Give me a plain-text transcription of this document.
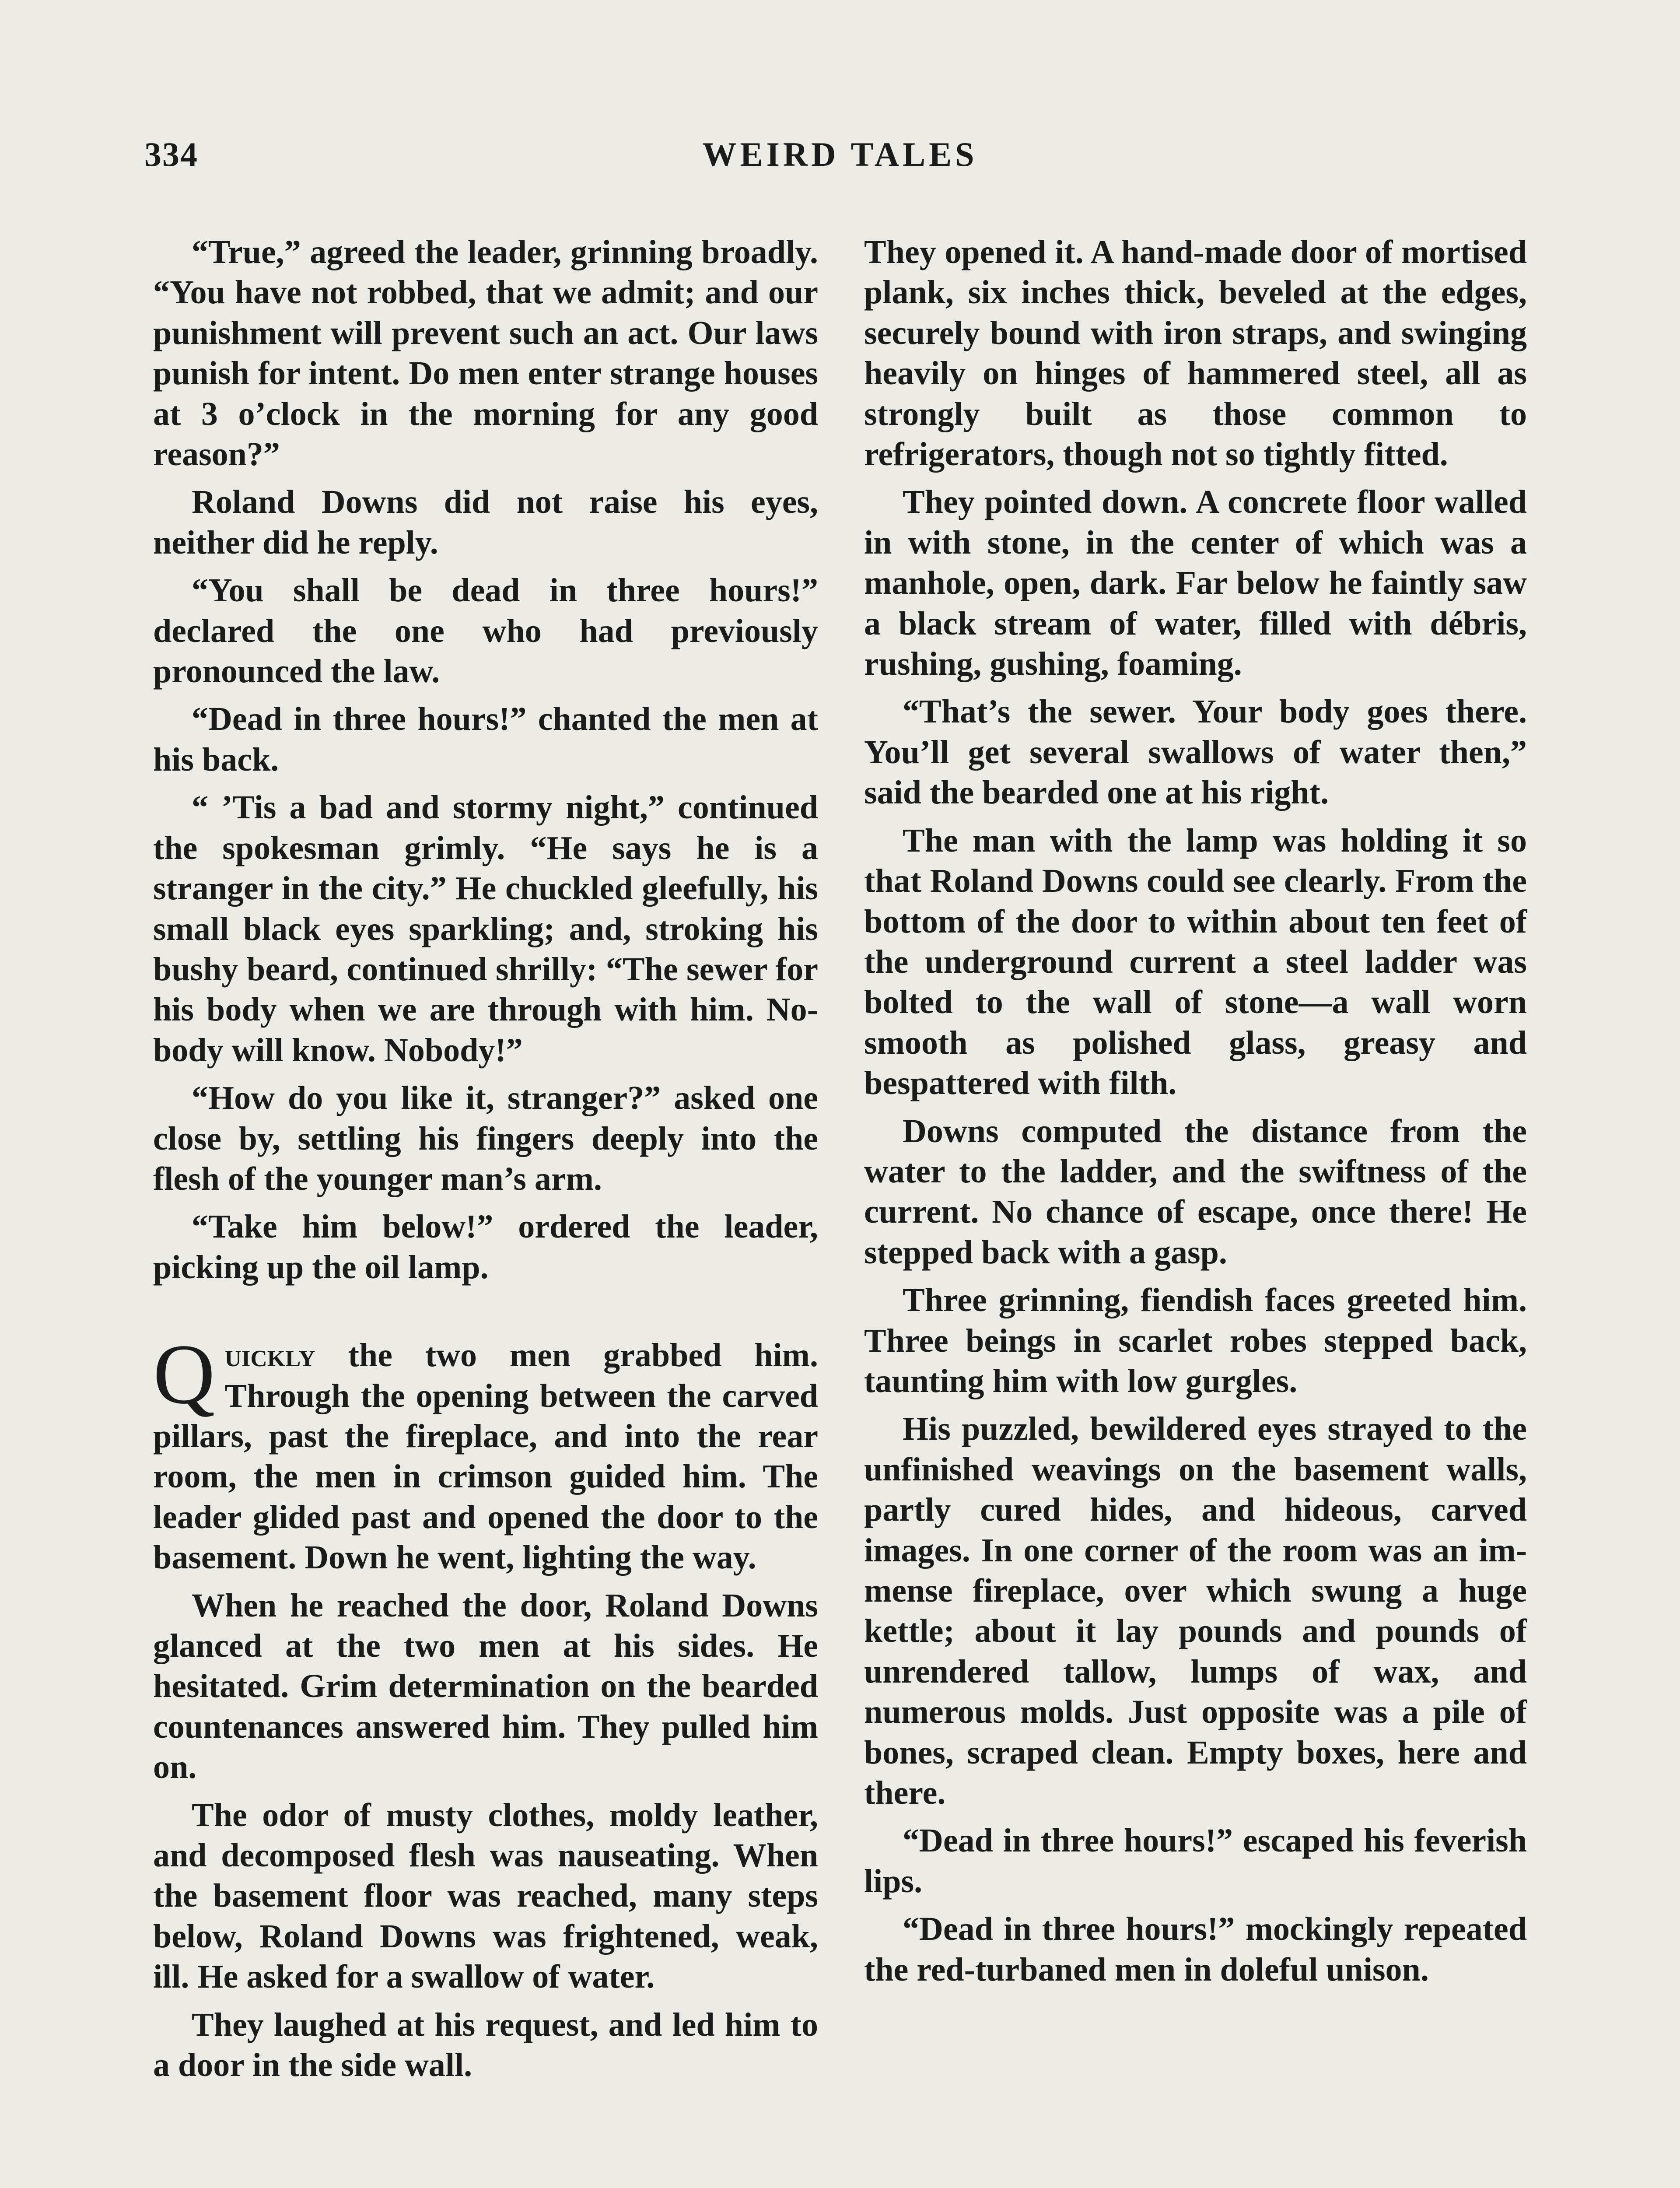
334	WEIRD TALES

“True,” agreed the leader, grinning broadly. “You have not robbed, that we admit; and our punishment will prevent such an act. Our laws punish for intent. Do men enter strange houses at 3 o’clock in the morning for any good reason?”

Roland Downs did not raise his eyes, neither did he reply.

“You shall be dead in three hours!” declared the one who had previously pronounced the law.

“Dead in three hours!” chanted the men at his back.

“ ’Tis a bad and stormy night,” continued the spokesman grimly. “He says he is a stranger in the city.” He chuckled gleefully, his small black eyes sparkling; and, stroking his bushy beard, continued shrilly: “The sewer for his body when we are through with him. Nobody will know. Nobody!”

“How do you like it, stranger?” asked one close by, settling his fingers deeply into the flesh of the younger man’s arm.

“Take him below!” ordered the leader, picking up the oil lamp.

Quickly the two men grabbed him. Through the opening between the carved pillars, past the fireplace, and into the rear room, the men in crimson guided him. The leader glided past and opened the door to the basement. Down he went, lighting the way.

When he reached the door, Roland Downs glanced at the two men at his sides. He hesitated. Grim determination on the bearded countenances answered him. They pulled him on.

The odor of musty clothes, moldy leather, and decomposed flesh was nauseating. When the basement floor was reached, many steps below, Roland Downs was frightened, weak, ill. He asked for a swallow of water.

They laughed at his request, and led him to a door in the side wall.

They opened it. A hand-made door of mortised plank, six inches thick, beveled at the edges, securely bound with iron straps, and swinging heavily on hinges of hammered steel, all as strongly built as those common to refrigerators, though not so tightly fitted.

They pointed down. A concrete floor walled in with stone, in the center of which was a manhole, open, dark. Far below he faintly saw a black stream of water, filled with débris, rushing, gushing, foaming.

“That’s the sewer. Your body goes there. You’ll get several swallows of water then,” said the bearded one at his right.

The man with the lamp was holding it so that Roland Downs could see clearly. From the bottom of the door to within about ten feet of the underground current a steel ladder was bolted to the wall of stone—a wall worn smooth as polished glass, greasy and bespattered with filth.

Downs computed the distance from the water to the ladder, and the swiftness of the current. No chance of escape, once there! He stepped back with a gasp.

Three grinning, fiendish faces greeted him. Three beings in scarlet robes stepped back, taunting him with low gurgles.

His puzzled, bewildered eyes strayed to the unfinished weavings on the basement walls, partly cured hides, and hideous, carved images. In one corner of the room was an immense fireplace, over which swung a huge kettle; about it lay pounds and pounds of unrendered tallow, lumps of wax, and numerous molds. Just opposite was a pile of bones, scraped clean. Empty boxes, here and there.

“Dead in three hours!” escaped his feverish lips.

“Dead in three hours!” mockingly repeated the red-turbaned men in doleful unison.
